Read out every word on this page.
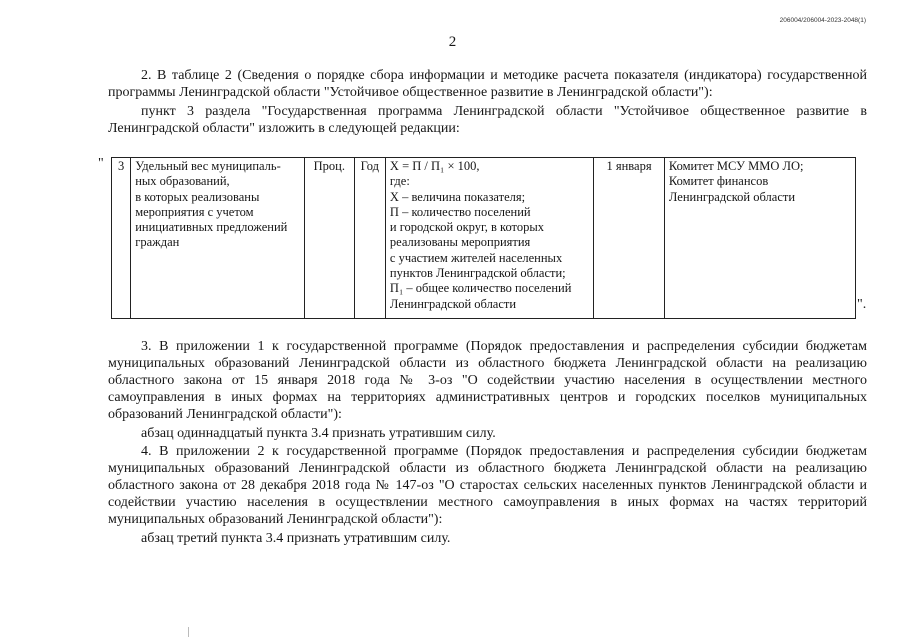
206004/206004-2023-2048(1)
2

2. В таблице 2 (Сведения о порядке сбора информации и методике расчета показателя (индикатора) государственной программы Ленинградской области "Устойчивое общественное развитие в Ленинградской области"):

пункт 3 раздела "Государственная программа Ленинградской области "Устойчивое общественное развитие в Ленинградской области" изложить в следующей редакции:

" 3	Удельный вес муниципаль-
ных образований,
в которых реализованы
мероприятия с учетом
инициативных предложений
граждан
	Проц.	Год	Х = П / П₁ × 100,
где:
Х – величина показателя;
П – количество поселений
и городской округ, в которых
реализованы мероприятия
с участием жителей населенных
пунктов Ленинградской области;
П₁ – общее количество поселений
Ленинградской области
	1 января	Комитет МСУ ММО ЛО;
Комитет финансов
Ленинградской области
".

3. В приложении 1 к государственной программе (Порядок предоставления и распределения субсидии бюджетам муниципальных образований Ленинградской области из областного бюджета Ленинградской области на реализацию областного закона от 15 января 2018 года № 3-оз "О содействии участию населения в осуществлении местного самоуправления в иных формах на территориях административных центров и городских поселков муниципальных образований Ленинградской области"):

абзац одиннадцатый пункта 3.4 признать утратившим силу.

4. В приложении 2 к государственной программе (Порядок предоставления и распределения субсидии бюджетам муниципальных образований Ленинградской области из областного бюджета Ленинградской области на реализацию областного закона от 28 декабря 2018 года № 147-оз "О старостах сельских населенных пунктов Ленинградской области и содействии участию населения в осуществлении местного самоуправления в иных формах на частях территорий муниципальных образований Ленинградской области"):

абзац третий пункта 3.4 признать утратившим силу.
